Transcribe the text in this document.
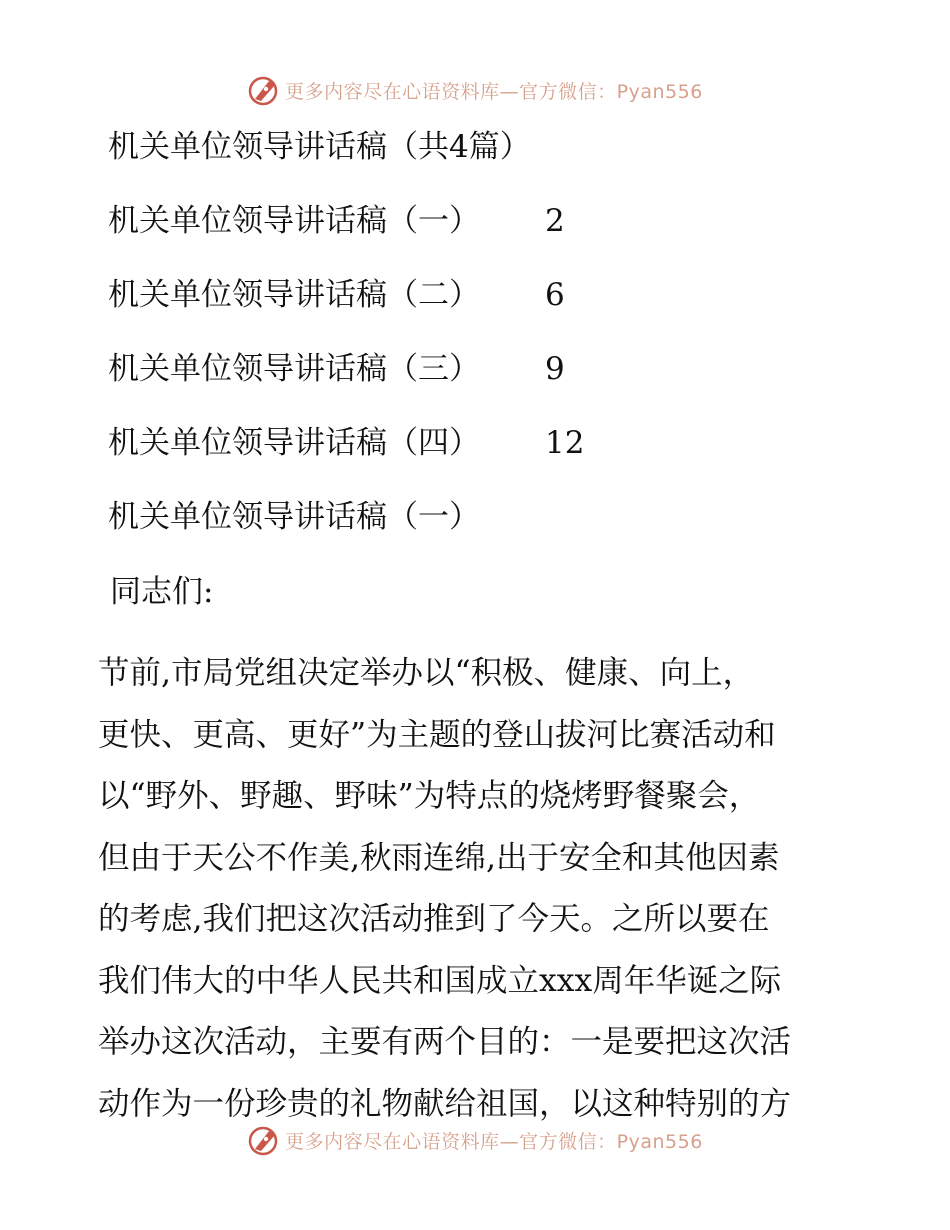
更多内容尽在心语资料库—官方微信：Pyan556
机关单位领导讲话稿（共4篇）
机关单位领导讲话稿（一） 2
机关单位领导讲话稿（二） 6
机关单位领导讲话稿（三） 9
机关单位领导讲话稿（四） 12
机关单位领导讲话稿（一）
同志们:
节前,市局党组决定举办以“积极、健康、向上，
更快、更高、更好”为主题的登山拔河比赛活动和
以“野外、野趣、野味”为特点的烧烤野餐聚会，
但由于天公不作美,秋雨连绵,出于安全和其他因素
的考虑,我们把这次活动推到了今天。之所以要在
我们伟大的中华人民共和国成立xxx周年华诞之际
举办这次活动，主要有两个目的：一是要把这次活
动作为一份珍贵的礼物献给祖国，以这种特别的方
更多内容尽在心语资料库—官方微信：Pyan556
